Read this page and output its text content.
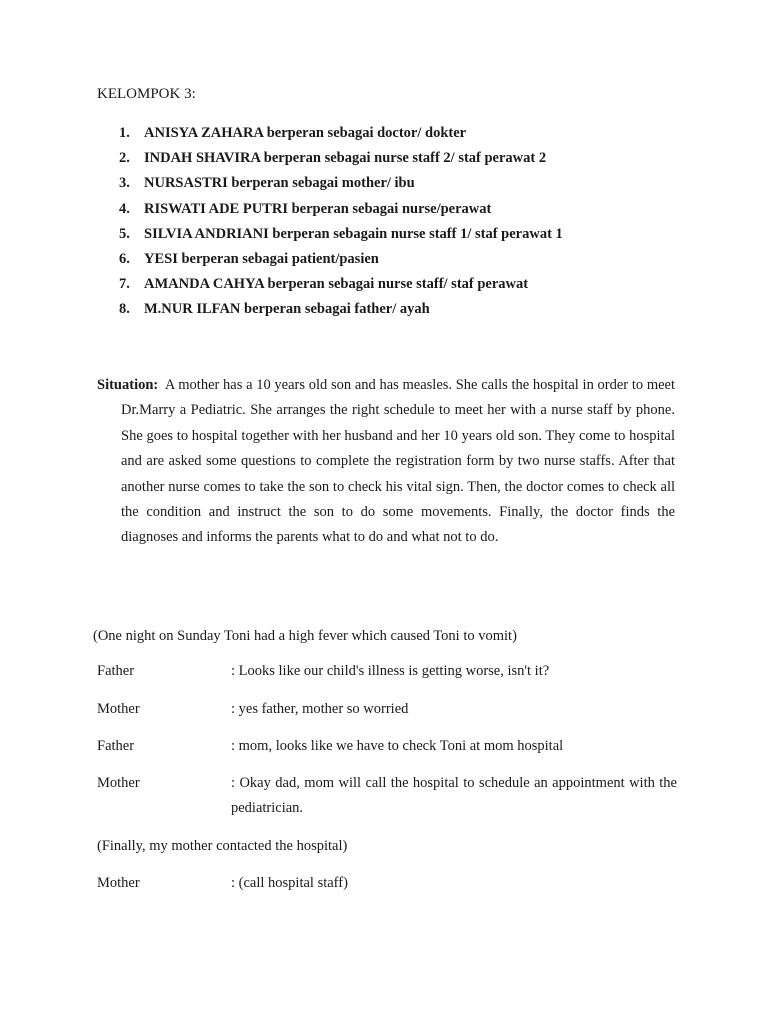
KELOMPOK 3:
1. ANISYA ZAHARA berperan sebagai doctor/ dokter
2. INDAH SHAVIRA berperan sebagai nurse staff 2/ staf perawat 2
3. NURSASTRI berperan sebagai mother/ ibu
4. RISWATI ADE PUTRI berperan sebagai nurse/perawat
5. SILVIA ANDRIANI berperan sebagain nurse staff 1/ staf perawat 1
6. YESI berperan sebagai patient/pasien
7. AMANDA CAHYA berperan sebagai nurse staff/ staf perawat
8. M.NUR ILFAN berperan sebagai father/ ayah

Situation: A mother has a 10 years old son and has measles. She calls the hospital in order to meet Dr.Marry a Pediatric. She arranges the right schedule to meet her with a nurse staff by phone. She goes to hospital together with her husband and her 10 years old son. They come to hospital and are asked some questions to complete the registration form by two nurse staffs. After that another nurse comes to take the son to check his vital sign. Then, the doctor comes to check all the condition and instruct the son to do some movements. Finally, the doctor finds the diagnoses and informs the parents what to do and what not to do.

(One night on Sunday Toni had a high fever which caused Toni to vomit)
Father	: Looks like our child's illness is getting worse, isn't it?
Mother	: yes father, mother so worried
Father	: mom, looks like we have to check Toni at mom hospital
Mother	: Okay dad, mom will call the hospital to schedule an appointment with the pediatrician.
(Finally, my mother contacted the hospital)
Mother	: (call hospital staff)
